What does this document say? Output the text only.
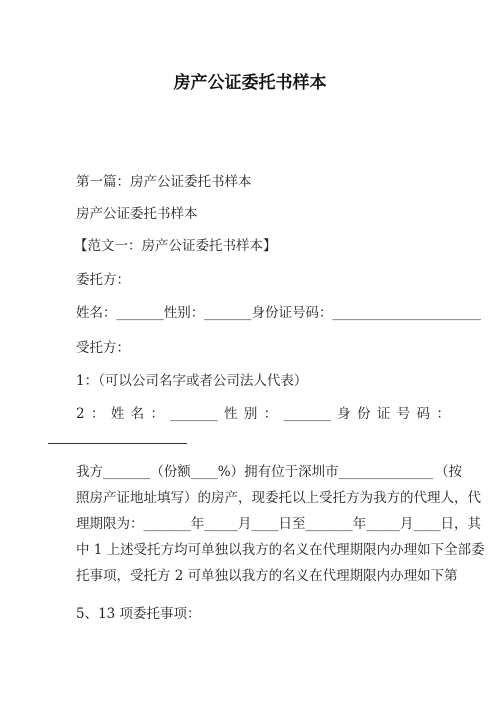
房产公证委托书样本
第一篇：房产公证委托书样本
房产公证委托书样本
【范文一：房产公证委托书样本】
委托方：
姓名：_______性别：_______身份证号码：______________________
受托方：
1：（可以公司名字或者公司法人代表）
2 ： 姓 名 ： _______ 性 别 ： _______ 身 份 证 号 码 ：

我方_______（份额____%）拥有位于深圳市______________ （按

照房产证地址填写）的房产，现委托以上受托方为我方的代理人，代

理期限为：_______年_____月____日至_______年_____月____日，其

中 1 上述受托方均可单独以我方的名义在代理期限内办理如下全部委

托事项，受托方 2 可单独以我方的名义在代理期限内办理如下第

5、13 项委托事项：
